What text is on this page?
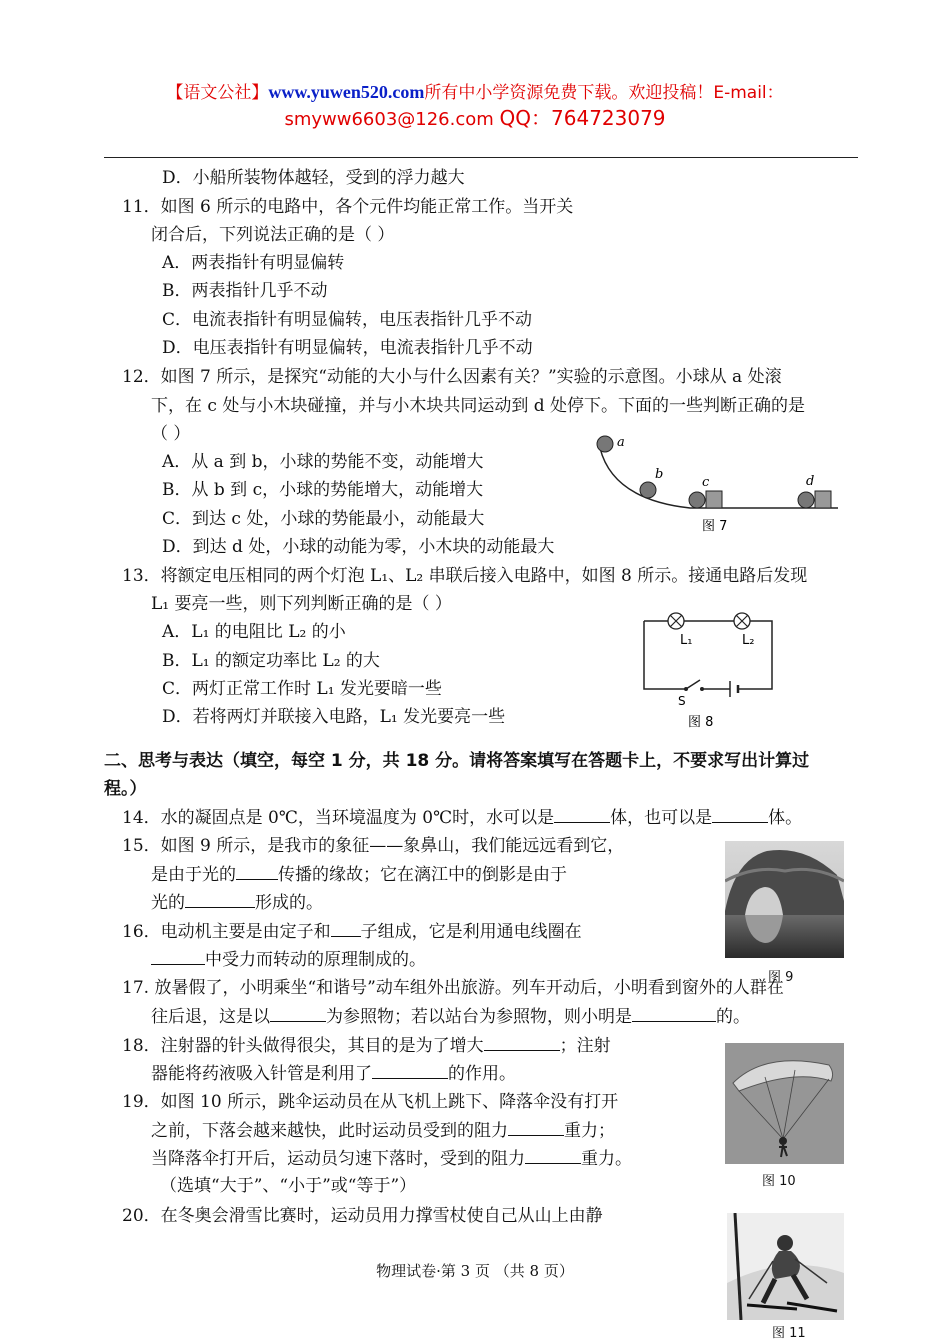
【语文公社】www.yuwen520.com所有中小学资源免费下载。欢迎投稿！E-mail：
smyww6603@126.com QQ：764723079
D．小船所装物体越轻，受到的浮力越大
11．如图 6 所示的电路中，各个元件均能正常工作。当开关
闭合后，下列说法正确的是（ ）
A．两表指针有明显偏转
B．两表指针几乎不动
C．电流表指针有明显偏转，电压表指针几乎不动
D．电压表指针有明显偏转，电流表指针几乎不动
12．如图 7 所示，是探究“动能的大小与什么因素有关？”实验的示意图。小球从 a 处滚
下，在 c 处与小木块碰撞，并与小木块共同运动到 d 处停下。下面的一些判断正确的是
（ ）
A．从 a 到 b，小球的势能不变，动能增大
B．从 b 到 c，小球的势能增大，动能增大
C．到达 c 处，小球的势能最小，动能最大
D．到达 d 处，小球的动能为零，小木块的动能最大
a
b
c	d
图 7
13．将额定电压相同的两个灯泡 L₁、L₂ 串联后接入电路中，如图 8 所示。接通电路后发现
L₁ 要亮一些，则下列判断正确的是（ ）
A．L₁ 的电阻比 L₂ 的小
B．L₁ 的额定功率比 L₂ 的大
C．两灯正常工作时 L₁ 发光要暗一些
D．若将两灯并联接入电路，L₁ 发光要亮一些
L₁	L₂
S
图 8
二、思考与表达（填空，每空 1 分，共 18 分。请将答案填写在答题卡上，不要求写出计算过
程。）
14．水的凝固点是 0℃，当环境温度为 0℃时，水可以是	体，也可以是	体。
15．如图 9 所示，是我市的象征——象鼻山，我们能远远看到它，
是由于光的 传播的缘故；它在漓江中的倒影是由于
光的	形成的。
图 9
16．电动机主要是由定子和 子组成，它是利用通电线圈在
中受力而转动的原理制成的。
17. 放暑假了，小明乘坐“和谐号”动车组外出旅游。列车开动后，小明看到窗外的人群在
往后退，这是以	为参照物；若以站台为参照物，则小明是	的。
18．注射器的针头做得很尖，其目的是为了增大	；注射
器能将药液吸入针管是利用了	的作用。
图 10
19．如图 10 所示，跳伞运动员在从飞机上跳下、降落伞没有打开
之前，下落会越来越快，此时运动员受到的阻力	重力；
当降落伞打开后，运动员匀速下落时，受到的阻力	重力。
（选填“大于”、“小于”或“等于”）
20．在冬奥会滑雪比赛时，运动员用力撑雪杖使自己从山上由静
图 11
物理试卷·第 3 页 （共 8 页）
